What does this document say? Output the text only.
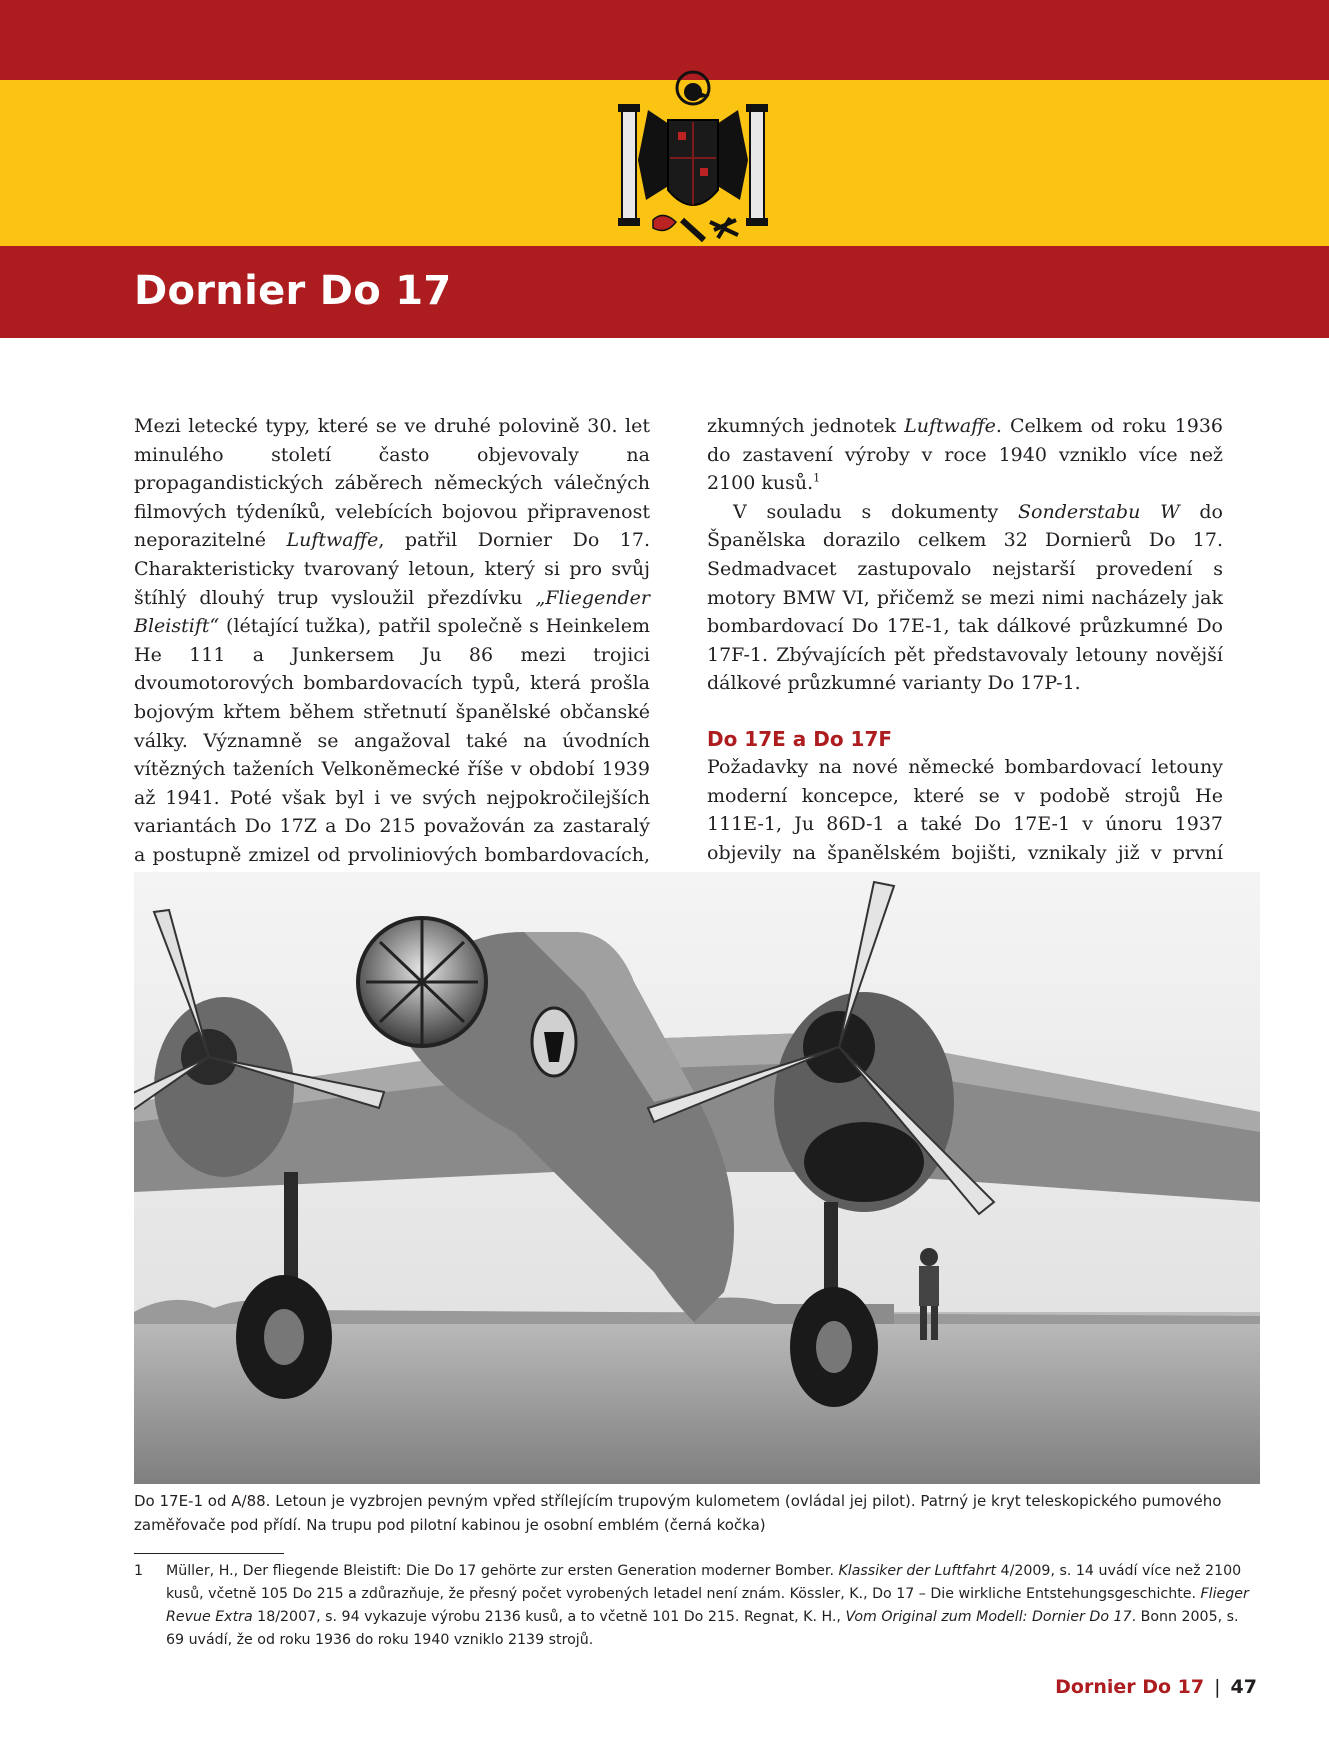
Dornier Do 17

Mezi letecké typy, které se ve druhé polovině 30. let minulého století často objevovaly na propagandistických záběrech německých válečných filmových týdeníků, velebících bojovou připravenost neporazitelné Luftwaffe, patřil Dornier Do 17. Charakteristicky tvarovaný letoun, který si pro svůj štíhlý dlouhý trup vysloužil přezdívku „Fliegender Bleistift“ (létající tužka), patřil společně s Heinkelem He 111 a Junkersem Ju 86 mezi trojici dvoumotorových bombardovacích typů, která prošla bojovým křtem během střetnutí španělské občanské války. Významně se angažoval také na úvodních vítězných taženích Velkoněmecké říše v období 1939 až 1941. Poté však byl i ve svých nejpokročilejších variantách Do 17Z a Do 215 považován za zastaralý a postupně zmizel od prvoliniových bombardovacích,

zkumných jednotek Luftwaffe. Celkem od roku 1936 do zastavení výroby v roce 1940 vzniklo více než 2100 kusů.$^1$

V souladu s dokumenty Sonderstabu W do Španělska dorazilo celkem 32 Dornierů Do 17. Sedmadvacet zastupovalo nejstarší provedení s motory BMW VI, přičemž se mezi nimi nacházely jak bombardovací Do 17E-1, tak dálkové průzkumné Do 17F-1. Zbývajících pět představovaly letouny novější dálkové průzkumné varianty Do 17P-1.

Do 17E a Do 17F

Požadavky na nové německé bombardovací letouny moderní koncepce, které se v podobě strojů He 111E-1, Ju 86D-1 a také Do 17E-1 v únoru 1937 objevily na španělském bojišti, vznikaly již v první

Do 17E-1 od A/88. Letoun je vyzbrojen pevným vpřed střílejícím trupovým kulometem (ovládal jej pilot). Patrný je kryt teleskopického pumového zaměřovače pod přídí. Na trupu pod pilotní kabinou je osobní emblém (černá kočka)

1	Müller, H., Der fliegende Bleistift: Die Do 17 gehörte zur ersten Generation moderner Bomber. Klassiker der Luftfahrt 4/2009, s. 14 uvádí více než 2100 kusů, včetně 105 Do 215 a zdůrazňuje, že přesný počet vyrobených letadel není znám. Kössler, K., Do 17 – Die wirkliche Entstehungsgeschichte. Flieger Revue Extra 18/2007, s. 94 vykazuje výrobu 2136 kusů, a to včetně 101 Do 215. Regnat, K. H., Vom Original zum Modell: Dornier Do 17. Bonn 2005, s. 69 uvádí, že od roku 1936 do roku 1940 vzniklo 2139 strojů.
Dornier Do 17 | 47
